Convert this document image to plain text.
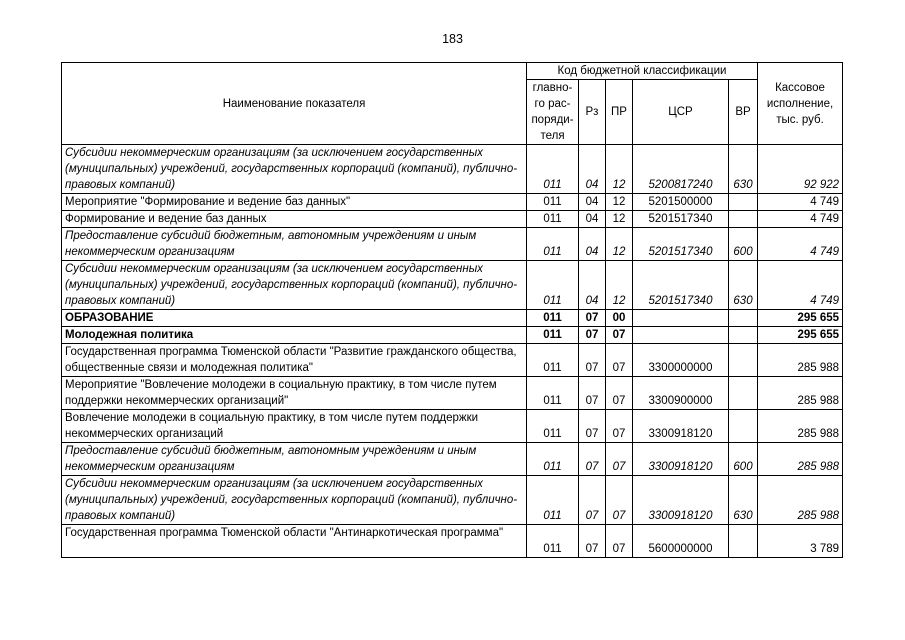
183
Наименование показателя	Код бюджетной классификации					Кассовое исполнение, тыс. руб.
	главно-го рас-поряди-теля	Рз	ПР	ЦСР	ВР	
Субсидии некоммерческим организациям (за исключением государственных (муниципальных) учреждений, государственных корпораций (компаний), публично-правовых компаний)	011	04	12	5200817240	630	92 922
Мероприятие "Формирование и ведение баз данных"	011	04	12	5201500000		4 749
Формирование и ведение баз данных	011	04	12	5201517340		4 749
Предоставление субсидий бюджетным, автономным учреждениям и иным некоммерческим организациям	011	04	12	5201517340	600	4 749
Субсидии некоммерческим организациям (за исключением государственных (муниципальных) учреждений, государственных корпораций (компаний), публично-правовых компаний)	011	04	12	5201517340	630	4 749
ОБРАЗОВАНИЕ	011	07	00			295 655
Молодежная политика	011	07	07			295 655
Государственная программа Тюменской области "Развитие гражданского общества, общественные связи и молодежная политика"	011	07	07	3300000000		285 988
Мероприятие "Вовлечение молодежи в социальную практику, в том числе путем поддержки некоммерческих организаций"	011	07	07	3300900000		285 988
Вовлечение молодежи в социальную практику, в том числе путем поддержки некоммерческих организаций	011	07	07	3300918120		285 988
Предоставление субсидий бюджетным, автономным учреждениям и иным некоммерческим организациям	011	07	07	3300918120	600	285 988
Субсидии некоммерческим организациям (за исключением государственных (муниципальных) учреждений, государственных корпораций (компаний), публично-правовых компаний)	011	07	07	3300918120	630	285 988
Государственная программа Тюменской области "Антинаркотическая программа"	011	07	07	5600000000		3 789
